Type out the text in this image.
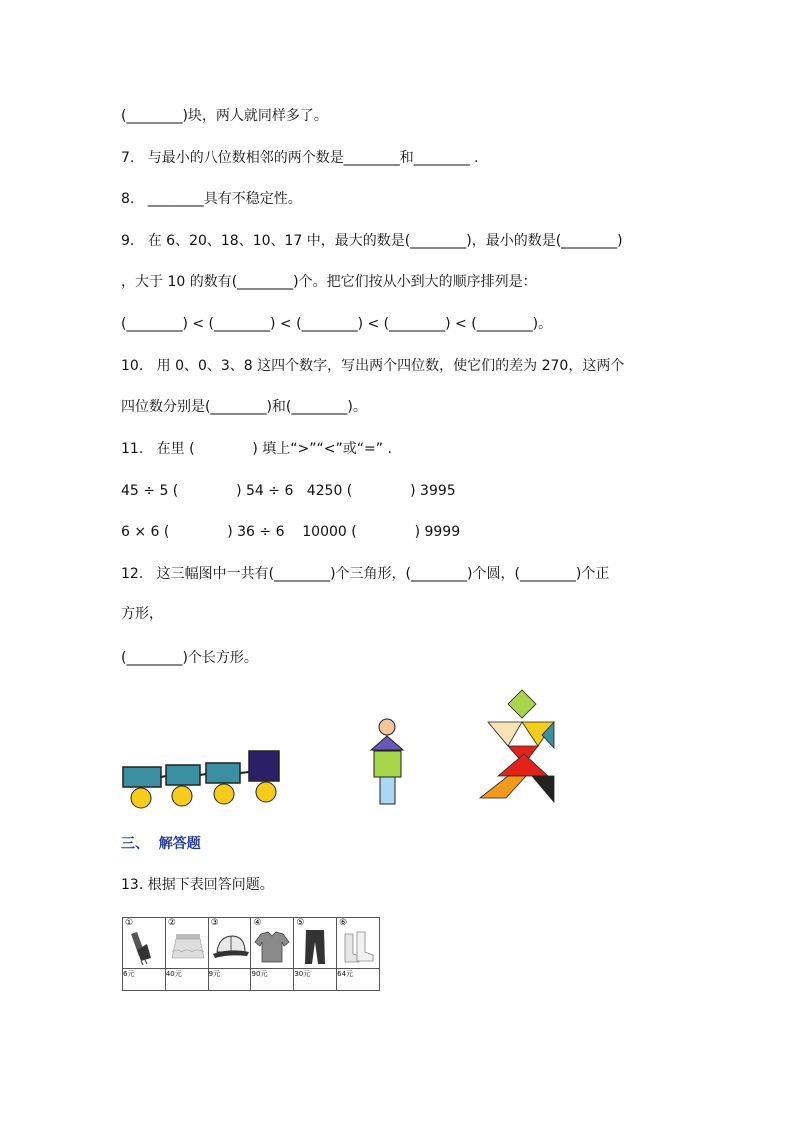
(________)块，两人就同样多了。
7.   与最小的八位数相邻的两个数是________和________ .
8.   ________具有不稳定性。
9.   在 6、20、18、10、17 中，最大的数是(________)，最小的数是(________)
，大于 10 的数有(________)个。把它们按从小到大的顺序排列是：
(________) < (________) < (________) < (________) < (________)。
10.   用 0、0、3、8 这四个数字，写出两个四位数，使它们的差为 270，这两个
四位数分别是(________)和(________)。
11.   在里 (             ) 填上“>”“<”或“=” .
45 ÷ 5 (             ) 54 ÷ 6   4250 (             ) 3995
6 × 6 (             ) 36 ÷ 6    10000 (             ) 9999
12.   这三幅图中一共有(________)个三角形，(________)个圆，(________)个正
方形，
(________)个长方形。
三、  解答题
13. 根据下表回答问题。
①	②	③	④	⑤	⑥

6元	40元	9元	90元	30元	64元
